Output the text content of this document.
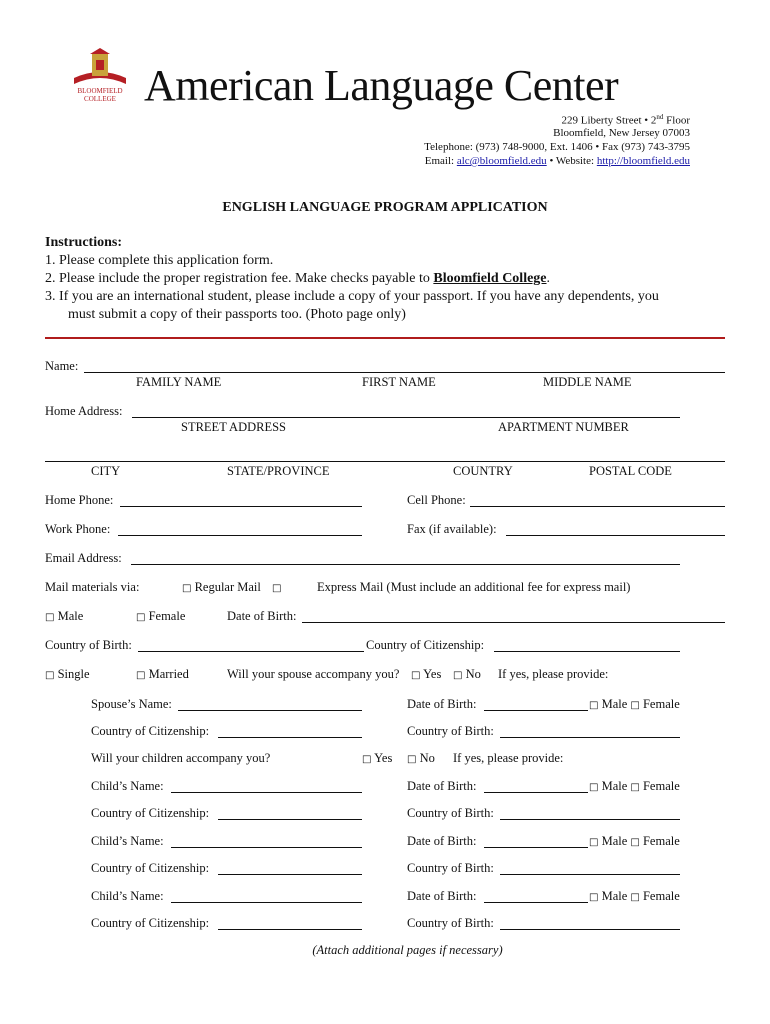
BLOOMFIELD
COLLEGE American Language Center
229 Liberty Street • 2nd Floor
Bloomfield, New Jersey 07003
Telephone: (973) 748-9000, Ext. 1406 • Fax (973) 743-3795
Email: alc@bloomfield.edu • Website: http://bloomfield.edu
ENGLISH LANGUAGE PROGRAM APPLICATION
Instructions:
1. Please complete this application form.
2. Please include the proper registration fee. Make checks payable to Bloomfield College.
3. If you are an international student, please include a copy of your passport. If you have any dependents, you
must submit a copy of their passports too. (Photo page only)
Name:
FAMILY NAME	FIRST NAME	MIDDLE NAME
Home Address:
STREET ADDRESS	APARTMENT NUMBER
CITY	STATE/PROVINCE	COUNTRY	POSTAL CODE
Home Phone:	Cell Phone:
Work Phone:	Fax (if available):
Email Address:
Mail materials via:	□ Regular Mail □	Express Mail (Must include an additional fee for express mail)
□ Male	□ Female	Date of Birth:
Country of Birth:	Country of Citizenship:
□ Single	□ Married	Will your spouse accompany you? □ Yes □ No If yes, please provide:
Spouse’s Name:	Date of Birth:	□ Male □ Female
Country of Citizenship:	Country of Birth:
Will your children accompany you?	□ Yes □ No If yes, please provide:
Child’s Name:	Date of Birth:	□ Male □ Female
Country of Citizenship:	Country of Birth:
Child’s Name:	Date of Birth:	□ Male □ Female
Country of Citizenship:	Country of Birth:
Child’s Name:	Date of Birth:	□ Male □ Female
Country of Citizenship:	Country of Birth:
(Attach additional pages if necessary)
